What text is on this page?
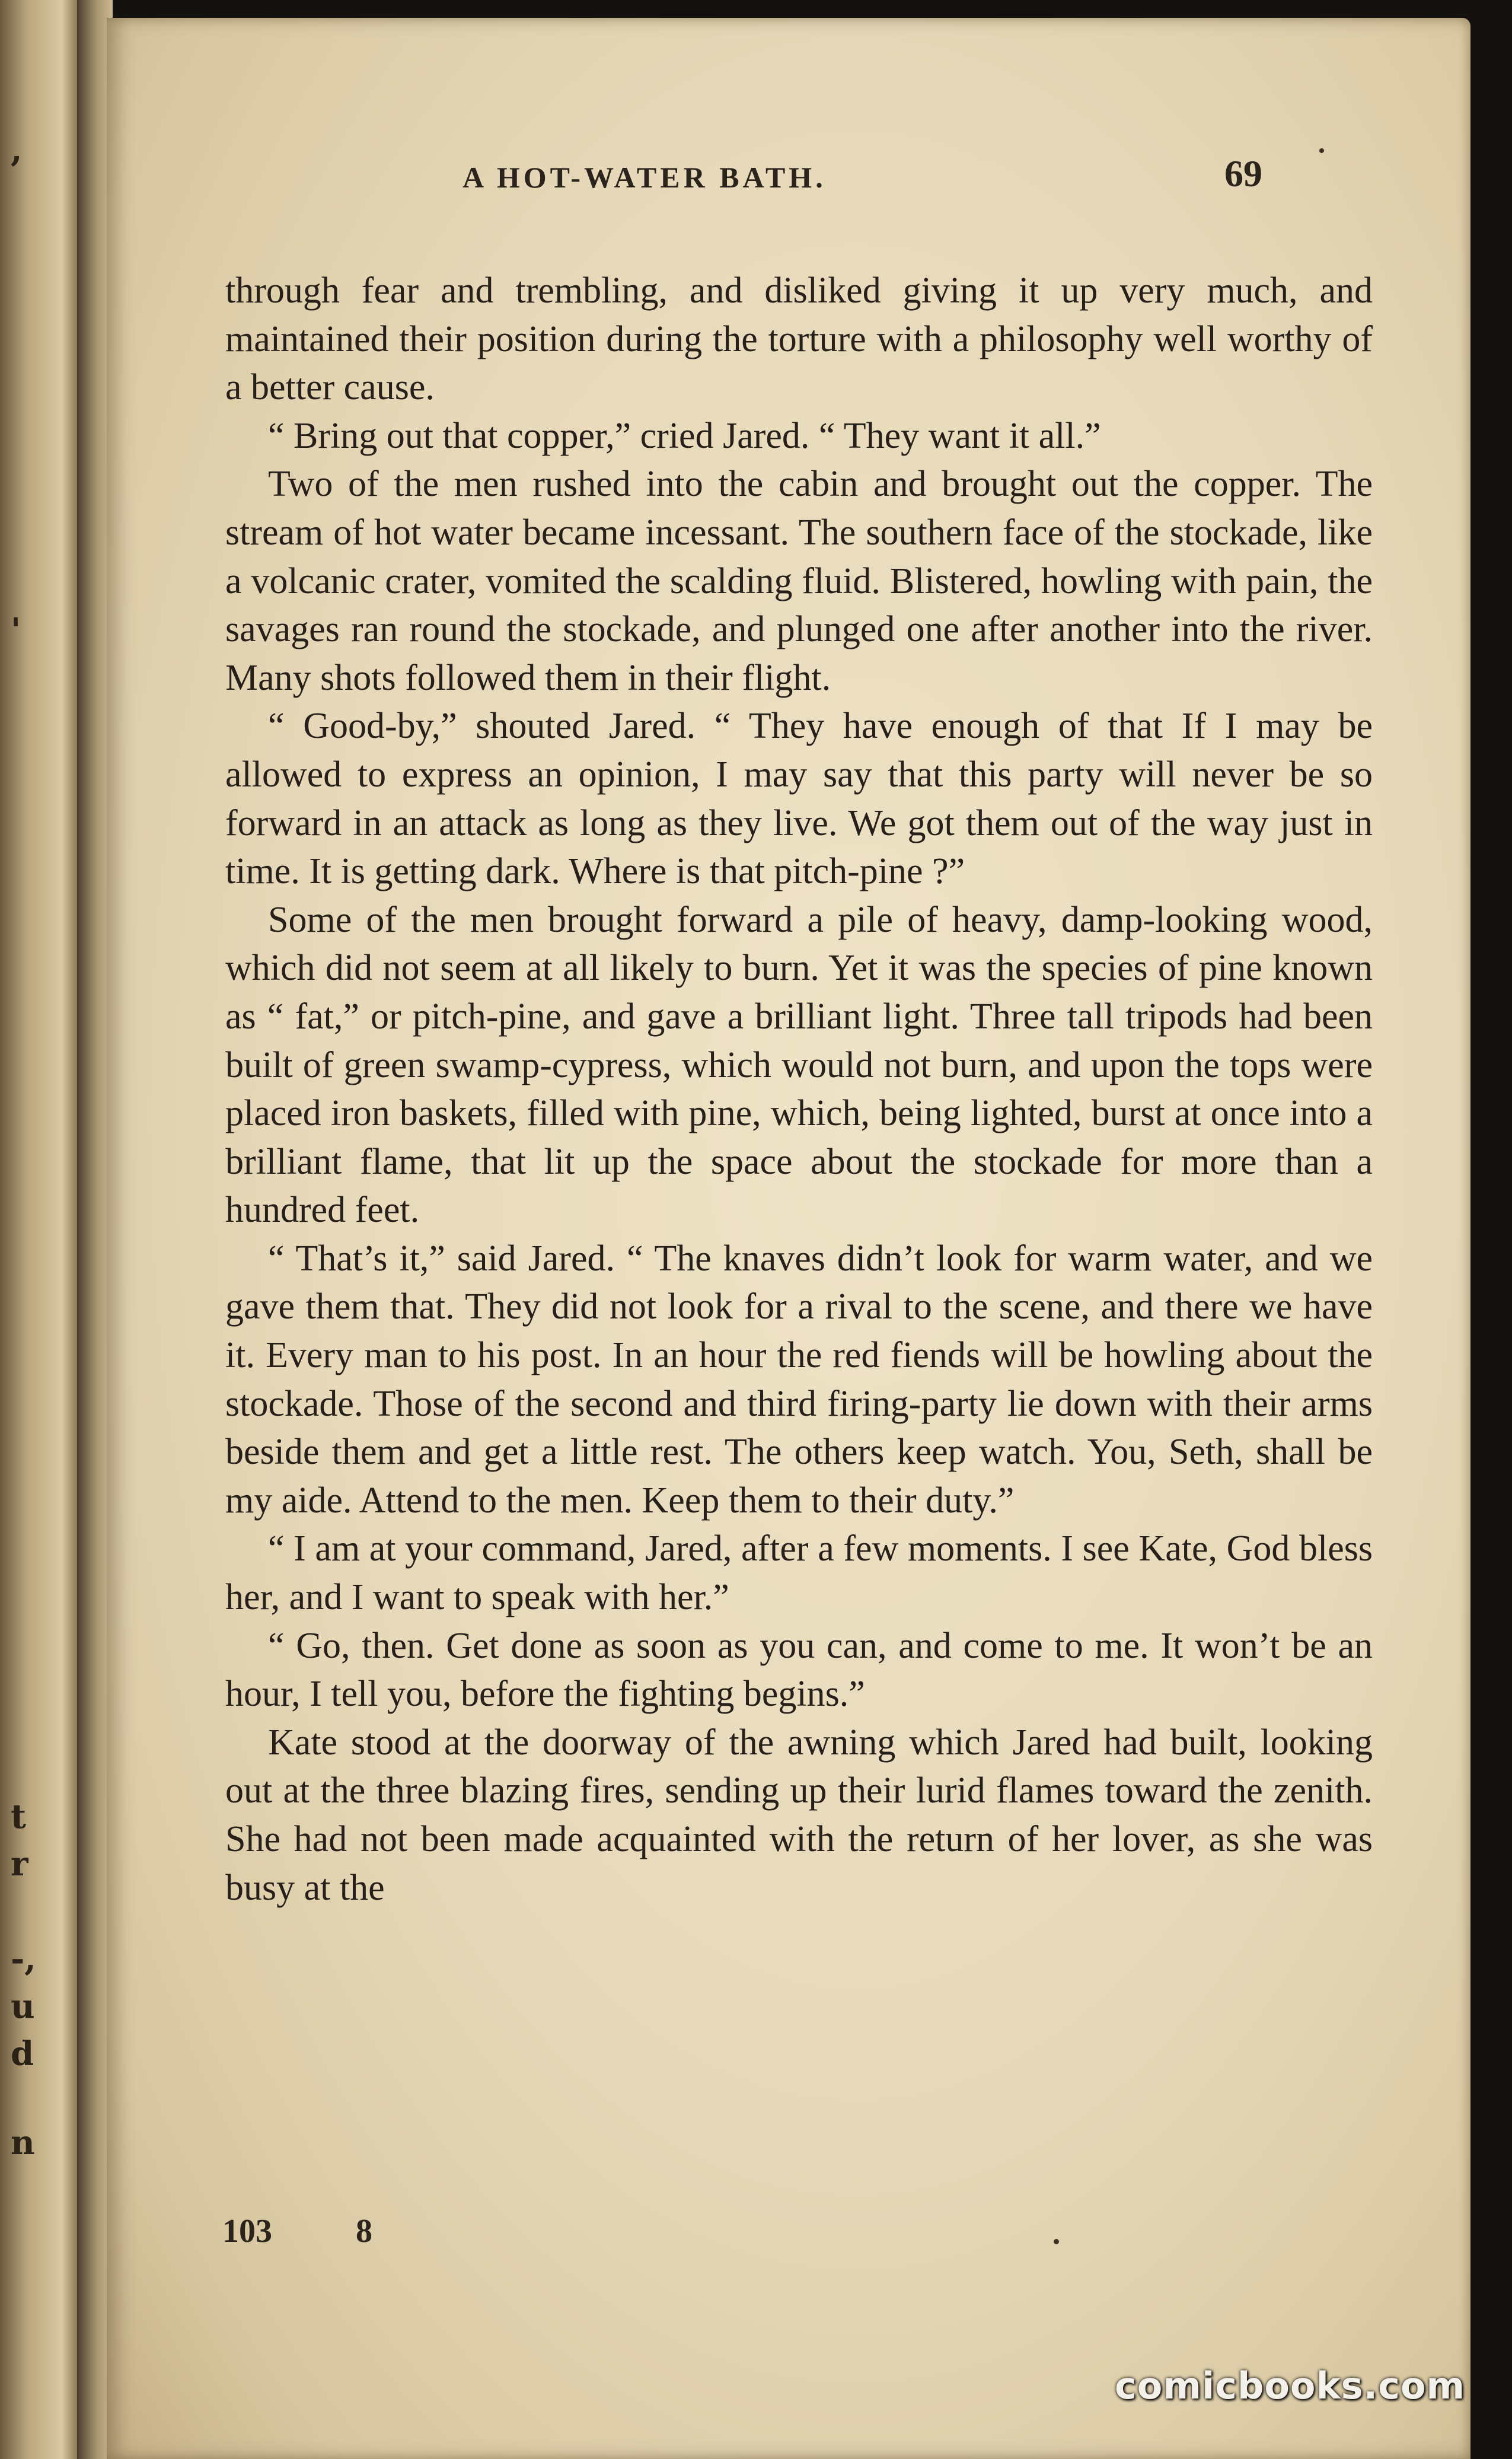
,
'
t
r
-,
u
d
n
A HOT-WATER BATH.	69

through fear and trembling, and disliked giving it up very much, and maintained their position during the torture with a philosophy well worthy of a better cause.

“ Bring out that copper,” cried Jared. “ They want it all.”

Two of the men rushed into the cabin and brought out the copper. The stream of hot water became incessant. The southern face of the stockade, like a volcanic crater, vomited the scalding fluid. Blistered, howling with pain, the savages ran round the stockade, and plunged one after another into the river. Many shots followed them in their flight.

“ Good-by,” shouted Jared. “ They have enough of that If I may be allowed to express an opinion, I may say that this party will never be so forward in an attack as long as they live. We got them out of the way just in time. It is getting dark. Where is that pitch-pine ?”

Some of the men brought forward a pile of heavy, damp-looking wood, which did not seem at all likely to burn. Yet it was the species of pine known as “ fat,” or pitch-pine, and gave a brilliant light. Three tall tripods had been built of green swamp-cypress, which would not burn, and upon the tops were placed iron baskets, filled with pine, which, being lighted, burst at once into a brilliant flame, that lit up the space about the stockade for more than a hundred feet.

“ That’s it,” said Jared. “ The knaves didn’t look for warm water, and we gave them that. They did not look for a rival to the scene, and there we have it. Every man to his post. In an hour the red fiends will be howling about the stockade. Those of the second and third firing-party lie down with their arms beside them and get a little rest. The others keep watch. You, Seth, shall be my aide. Attend to the men. Keep them to their duty.”

“ I am at your command, Jared, after a few moments. I see Kate, God bless her, and I want to speak with her.”

“ Go, then. Get done as soon as you can, and come to me. It won’t be an hour, I tell you, before the fighting begins.”

Kate stood at the doorway of the awning which Jared had built, looking out at the three blazing fires, sending up their lurid flames toward the zenith. She had not been made acquainted with the return of her lover, as she was busy at the

103	8
comicbooks.com
